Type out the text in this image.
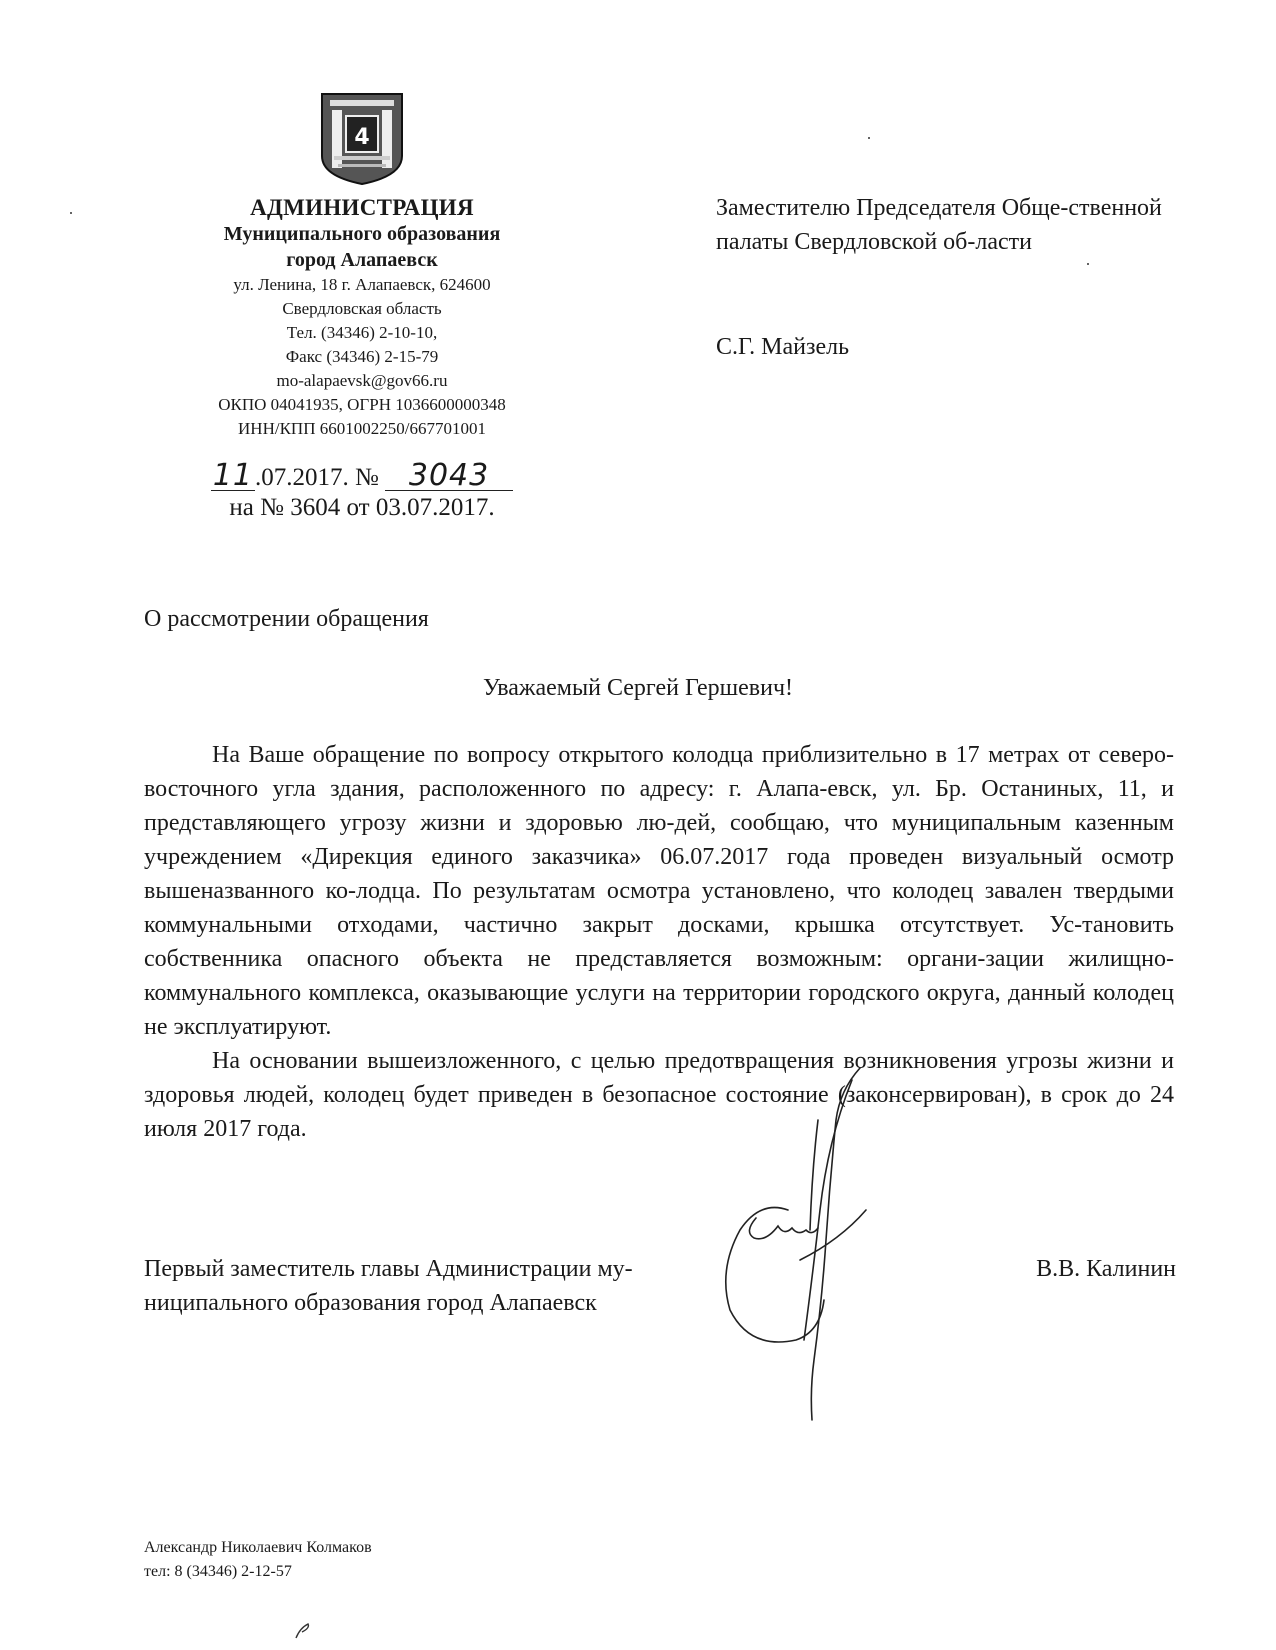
4
АДМИНИСТРАЦИЯ
Муниципального образования
город Алапаевск
ул. Ленина, 18 г. Алапаевск, 624600
Свердловская область
Тел. (34346) 2-10-10,
Факс (34346) 2-15-79
mo-alapaevsk@gov66.ru
ОКПО 04041935, ОГРН 1036600000348
ИНН/КПП 6601002250/667701001
11.07.2017. № 3043
на № 3604 от 03.07.2017.
Заместителю Председателя Обще-ственной палаты Свердловской об-ласти
С.Г. Майзель
О рассмотрении обращения
Уважаемый Сергей Гершевич!

На Ваше обращение по вопросу открытого колодца приблизительно в 17 метрах от северо-восточного угла здания, расположенного по адресу: г. Алапа-евск, ул. Бр. Останиных, 11, и представляющего угрозу жизни и здоровью лю-дей, сообщаю, что муниципальным казенным учреждением «Дирекция единого заказчика» 06.07.2017 года проведен визуальный осмотр вышеназванного ко-лодца. По результатам осмотра установлено, что колодец завален твердыми коммунальными отходами, частично закрыт досками, крышка отсутствует. Ус-тановить собственника опасного объекта не представляется возможным: органи-зации жилищно-коммунального комплекса, оказывающие услуги на территории городского округа, данный колодец не эксплуатируют.

На основании вышеизложенного, с целью предотвращения возникновения угрозы жизни и здоровья людей, колодец будет приведен в безопасное состояние (законсервирован), в срок до 24 июля 2017 года.

Первый заместитель главы Администрации му-ниципального образования город Алапаевск
В.В. Калинин
Александр Николаевич Колмаков
тел: 8 (34346) 2-12-57
